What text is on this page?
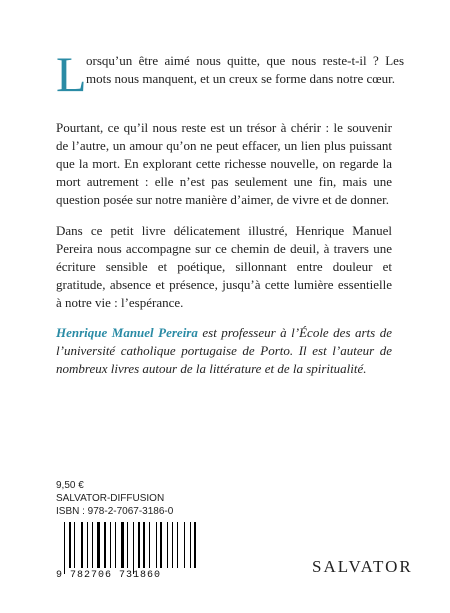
L orsqu’un être aimé nous quitte, que nous reste-t-il ? Les mots nous manquent, et un creux se forme dans notre cœur.

Pourtant, ce qu’il nous reste est un trésor à chérir : le souvenir de l’autre, un amour qu’on ne peut effacer, un lien plus puissant que la mort. En explorant cette richesse nouvelle, on regarde la mort autrement : elle n’est pas seulement une fin, mais une question posée sur notre manière d’aimer, de vivre et de donner.

Dans ce petit livre délicatement illustré, Henrique Manuel Pereira nous accompagne sur ce chemin de deuil, à travers une écriture sensible et poétique, sillonnant entre douleur et gratitude, absence et présence, jusqu’à cette lumière essentielle à notre vie : l’espérance.

Henrique Manuel Pereira est professeur à l’École des arts de l’université catholique portugaise de Porto. Il est l’auteur de nombreux livres autour de la littérature et de la spiritualité.

9,50 €
SALVATOR-DIFFUSION
ISBN : 978-2-7067-3186-0
9 782706 731860	SALVATOR
